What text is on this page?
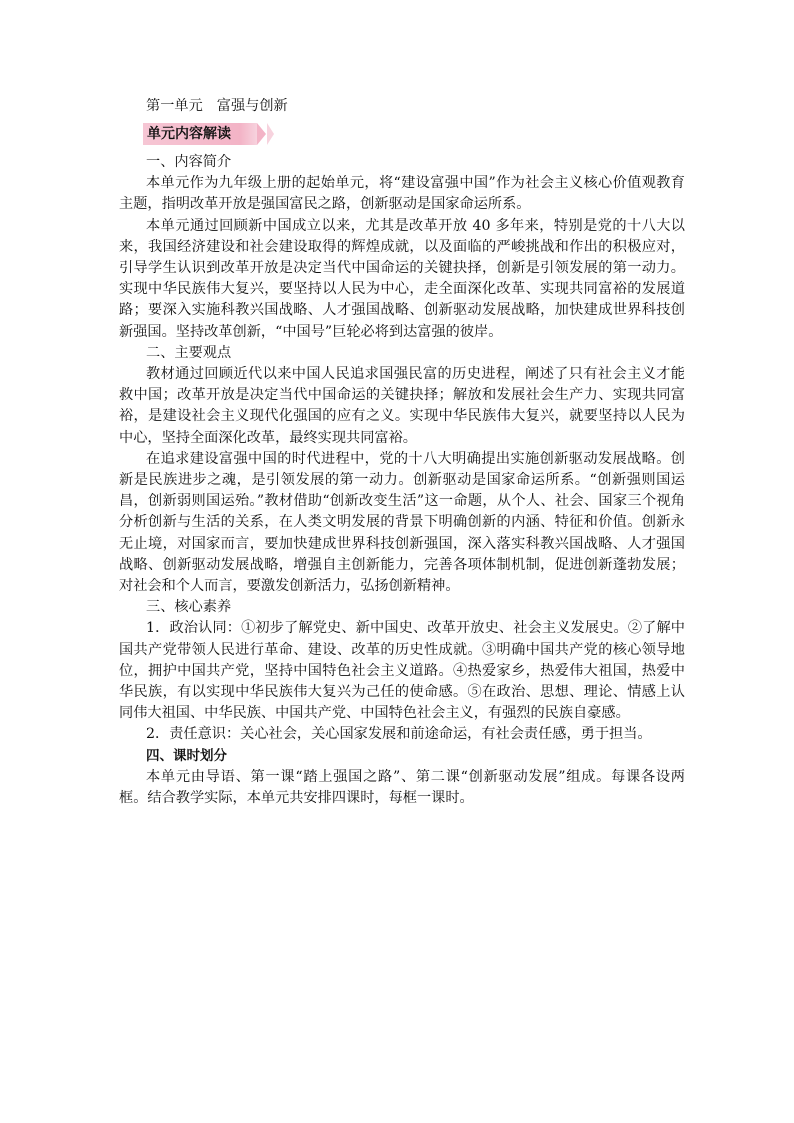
第一单元 富强与创新
单元内容解读
一、内容简介

本单元作为九年级上册的起始单元，将“建设富强中国”作为社会主义核心价值观教育主题，指明改革开放是强国富民之路，创新驱动是国家命运所系。

本单元通过回顾新中国成立以来，尤其是改革开放 40 多年来，特别是党的十八大以来，我国经济建设和社会建设取得的辉煌成就，以及面临的严峻挑战和作出的积极应对，引导学生认识到改革开放是决定当代中国命运的关键抉择，创新是引领发展的第一动力。实现中华民族伟大复兴，要坚持以人民为中心，走全面深化改革、实现共同富裕的发展道路；要深入实施科教兴国战略、人才强国战略、创新驱动发展战略，加快建成世界科技创新强国。坚持改革创新，“中国号”巨轮必将到达富强的彼岸。

二、主要观点

教材通过回顾近代以来中国人民追求国强民富的历史进程，阐述了只有社会主义才能救中国；改革开放是决定当代中国命运的关键抉择；解放和发展社会生产力、实现共同富裕，是建设社会主义现代化强国的应有之义。实现中华民族伟大复兴，就要坚持以人民为中心，坚持全面深化改革，最终实现共同富裕。

在追求建设富强中国的时代进程中，党的十八大明确提出实施创新驱动发展战略。创新是民族进步之魂，是引领发展的第一动力。创新驱动是国家命运所系。“创新强则国运昌，创新弱则国运殆。”教材借助“创新改变生活”这一命题，从个人、社会、国家三个视角分析创新与生活的关系，在人类文明发展的背景下明确创新的内涵、特征和价值。创新永无止境，对国家而言，要加快建成世界科技创新强国，深入落实科教兴国战略、人才强国战略、创新驱动发展战略，增强自主创新能力，完善各项体制机制，促进创新蓬勃发展；对社会和个人而言，要激发创新活力，弘扬创新精神。

三、核心素养

1．政治认同：①初步了解党史、新中国史、改革开放史、社会主义发展史。②了解中国共产党带领人民进行革命、建设、改革的历史性成就。③明确中国共产党的核心领导地位，拥护中国共产党，坚持中国特色社会主义道路。④热爱家乡，热爱伟大祖国，热爱中华民族，有以实现中华民族伟大复兴为己任的使命感。⑤在政治、思想、理论、情感上认同伟大祖国、中华民族、中国共产党、中国特色社会主义，有强烈的民族自豪感。

2．责任意识：关心社会，关心国家发展和前途命运，有社会责任感，勇于担当。

四、课时划分

本单元由导语、第一课“踏上强国之路”、第二课“创新驱动发展”组成。每课各设两框。结合教学实际，本单元共安排四课时，每框一课时。
